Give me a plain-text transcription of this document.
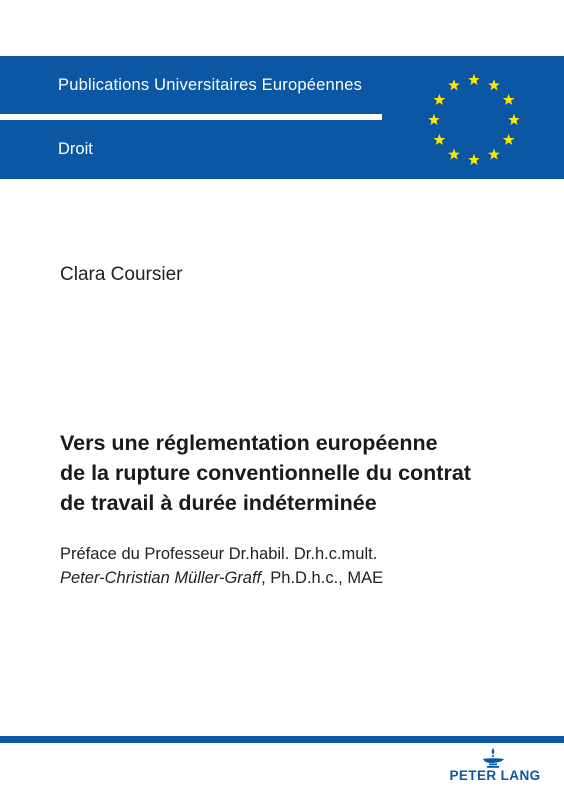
Publications Universitaires Européennes
Droit
Clara Coursier
Vers une réglementation européenne
de la rupture conventionnelle du contrat
de travail à durée indéterminée
Préface du Professeur Dr.habil. Dr.h.c.mult.
Peter-Christian Müller-Graff, Ph.D.h.c., MAE
PETER LANG
